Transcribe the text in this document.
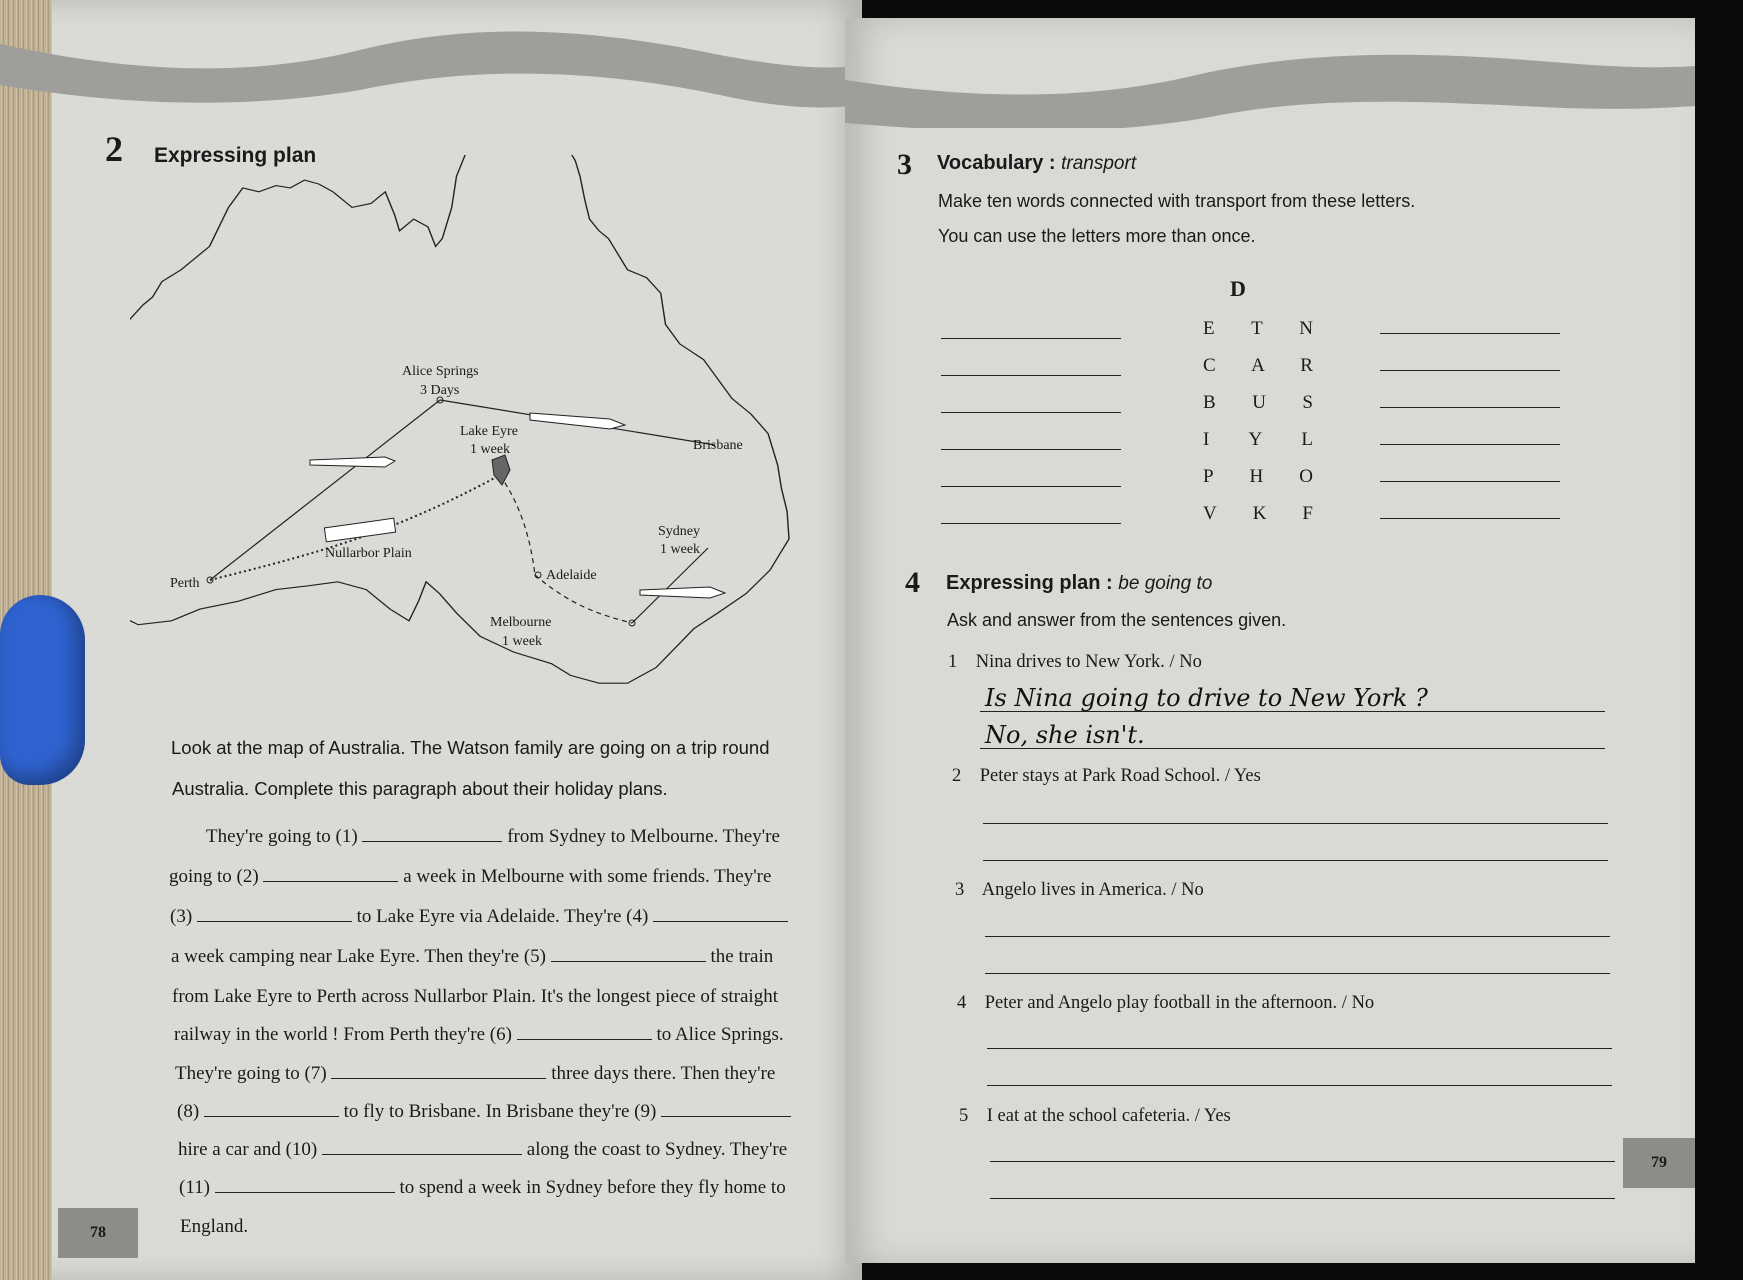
2 Expressing plan
Alice Springs
3 Days
Lake Eyre
1 week	Brisbane
Sydney
1 week
Nullarbor Plain
Perth
Adelaide
Melbourne
1 week
Look at the map of Australia. The Watson family are going on a trip round
Australia. Complete this paragraph about their holiday plans.
They're going to (1)	from Sydney to Melbourne. They're
going to (2)	a week in Melbourne with some friends. They're
(3)	to Lake Eyre via Adelaide. They're (4)
a week camping near Lake Eyre. Then they're (5)	the train
from Lake Eyre to Perth across Nullarbor Plain. It's the longest piece of straight
railway in the world ! From Perth they're (6)	to Alice Springs.
They're going to (7)	three days there. Then they're
(8)	to fly to Brisbane. In Brisbane they're (9)
hire a car and (10)	along the coast to Sydney. They're
(11)	to spend a week in Sydney before they fly home to
England.
78
3 Vocabulary : transport
Make ten words connected with transport from these letters.
You can use the letters more than once.
D
E T N
C A R
B U S
I Y L
P H O
V K F
4 Expressing plan : be going to
Ask and answer from the sentences given.
1 Nina drives to New York. / No
Is Nina going to drive to New York ?
No, she isn't.
2 Peter stays at Park Road School. / Yes
3 Angelo lives in America. / No
4 Peter and Angelo play football in the afternoon. / No
5 I eat at the school cafeteria. / Yes
79
